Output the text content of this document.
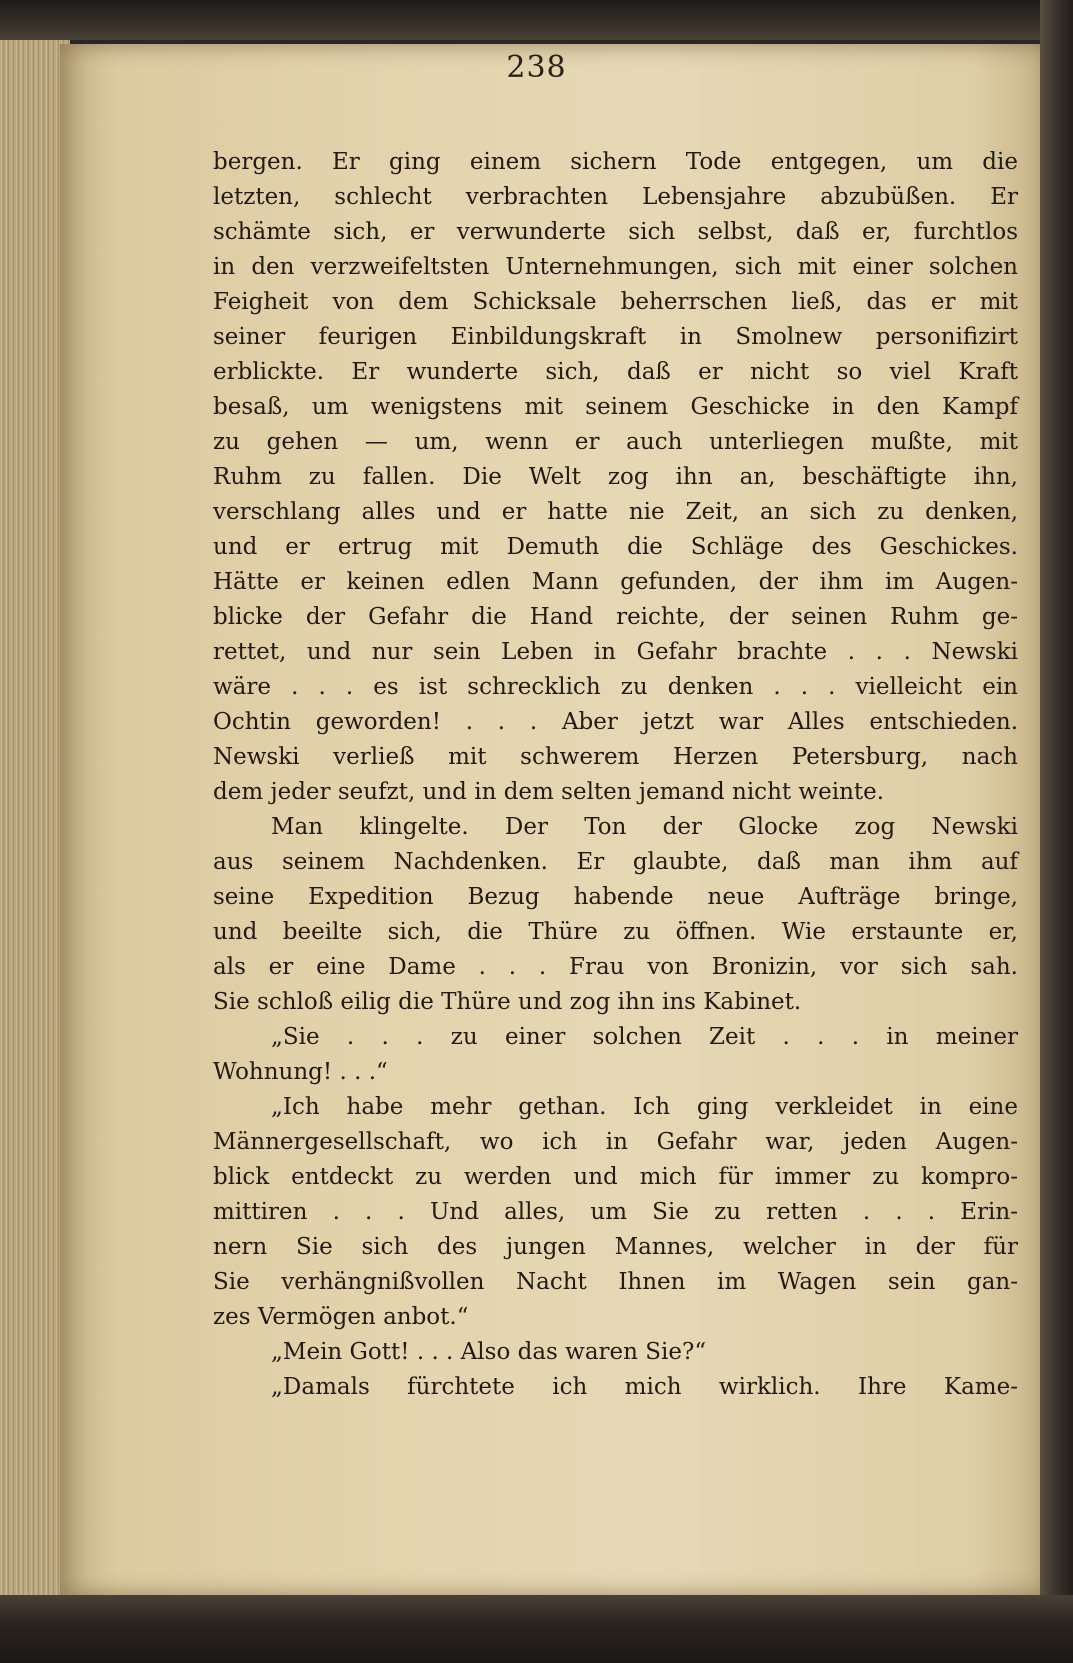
238
bergen. Er ging einem sichern Tode entgegen, um die
letzten, schlecht verbrachten Lebensjahre abzubüßen. Er
schämte sich, er verwunderte sich selbst, daß er, furchtlos
in den verzweifeltsten Unternehmungen, sich mit einer solchen
Feigheit von dem Schicksale beherrschen ließ, das er mit
seiner feurigen Einbildungskraft in Smolnew personifizirt
erblickte. Er wunderte sich, daß er nicht so viel Kraft
besaß, um wenigstens mit seinem Geschicke in den Kampf
zu gehen — um, wenn er auch unterliegen mußte, mit
Ruhm zu fallen. Die Welt zog ihn an, beschäftigte ihn,
verschlang alles und er hatte nie Zeit, an sich zu denken,
und er ertrug mit Demuth die Schläge des Geschickes.
Hätte er keinen edlen Mann gefunden, der ihm im Augen-
blicke der Gefahr die Hand reichte, der seinen Ruhm ge-
rettet, und nur sein Leben in Gefahr brachte . . . Newski
wäre . . . es ist schrecklich zu denken . . . vielleicht ein
Ochtin geworden! . . . Aber jetzt war Alles entschieden.
Newski verließ mit schwerem Herzen Petersburg, nach
dem jeder seufzt, und in dem selten jemand nicht weinte.
Man klingelte. Der Ton der Glocke zog Newski
aus seinem Nachdenken. Er glaubte, daß man ihm auf
seine Expedition Bezug habende neue Aufträge bringe,
und beeilte sich, die Thüre zu öffnen. Wie erstaunte er,
als er eine Dame . . . Frau von Bronizin, vor sich sah.
Sie schloß eilig die Thüre und zog ihn ins Kabinet.
„Sie . . . zu einer solchen Zeit . . . in meiner
Wohnung! . . .“
„Ich habe mehr gethan. Ich ging verkleidet in eine
Männergesellschaft, wo ich in Gefahr war, jeden Augen-
blick entdeckt zu werden und mich für immer zu kompro-
mittiren . . . Und alles, um Sie zu retten . . . Erin-
nern Sie sich des jungen Mannes, welcher in der für
Sie verhängnißvollen Nacht Ihnen im Wagen sein gan-
zes Vermögen anbot.“
„Mein Gott! . . . Also das waren Sie?“
„Damals fürchtete ich mich wirklich. Ihre Kame-
